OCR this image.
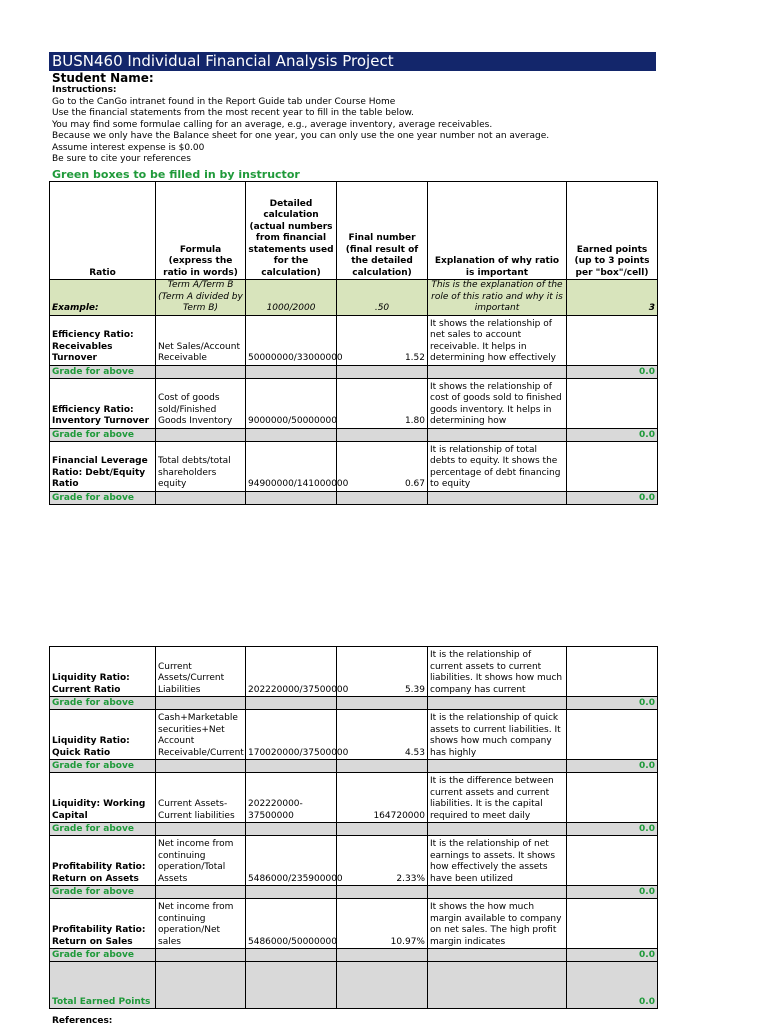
BUSN460 Individual Financial Analysis Project
Student Name:
Instructions:
Go to the CanGo intranet found in the Report Guide tab under Course Home
Use the financial statements from the most recent year to fill in the table below.
You may find some formulae calling for an average, e.g., average inventory, average receivables.
Because we only have the Balance sheet for one year, you can only use the one year number not an average.
Assume interest expense is $0.00
Be sure to cite your references
Green boxes to be filled in by instructor
Ratio	Formula (express the ratio in words)	Detailed calculation (actual numbers from financial statements used for the calculation)	Final number (final result of the detailed calculation)	Explanation of why ratio is important	Earned points (up to 3 points per "box"/cell)
Example:	Term A/Term B (Term A divided by Term B)	1000/2000	.50	This is the explanation of the role of this ratio and why it is important	3
Efficiency Ratio: Receivables Turnover	Net Sales/Account Receivable	50000000/33000000	1.52	It shows the relationship of net sales to account receivable. It helps in determining how effectively	
Grade for above					0.0
Efficiency Ratio: Inventory Turnover	Cost of goods sold/Finished Goods Inventory	9000000/50000000	1.80	It shows the relationship of cost of goods sold to finished goods inventory. It helps in determining how	
Grade for above					0.0
Financial Leverage Ratio: Debt/Equity Ratio	Total debts/total shareholders equity	94900000/141000000	0.67	It is relationship of total debts to equity. It shows the percentage of debt financing to equity	
Grade for above					0.0
Liquidity Ratio: Current Ratio	Current Assets/Current Liabilities	202220000/37500000	5.39	It is the relationship of current assets to current liabilities. It shows how much company has current	
Grade for above					0.0
Liquidity Ratio: Quick Ratio	Cash+Marketable securities+Net Account Receivable/Current	170020000/37500000	4.53	It is the relationship of quick assets to current liabilities. It shows how much company has highly	
Grade for above					0.0
Liquidity: Working Capital	Current Assets- Current liabilities	202220000-37500000	164720000	It is the difference between current assets and current liabilities. It is the capital required to meet daily	
Grade for above					0.0
Profitability Ratio: Return on Assets	Net income from continuing operation/Total Assets	5486000/235900000	2.33%	It is the relationship of net earnings to assets. It shows how effectively the assets have been utilized	
Grade for above					0.0
Profitability Ratio: Return on Sales	Net income from continuing operation/Net sales	5486000/50000000	10.97%	It shows the how much margin available to company on net sales. The high profit margin indicates	
Grade for above					0.0
Total Earned Points					0.0
References:
